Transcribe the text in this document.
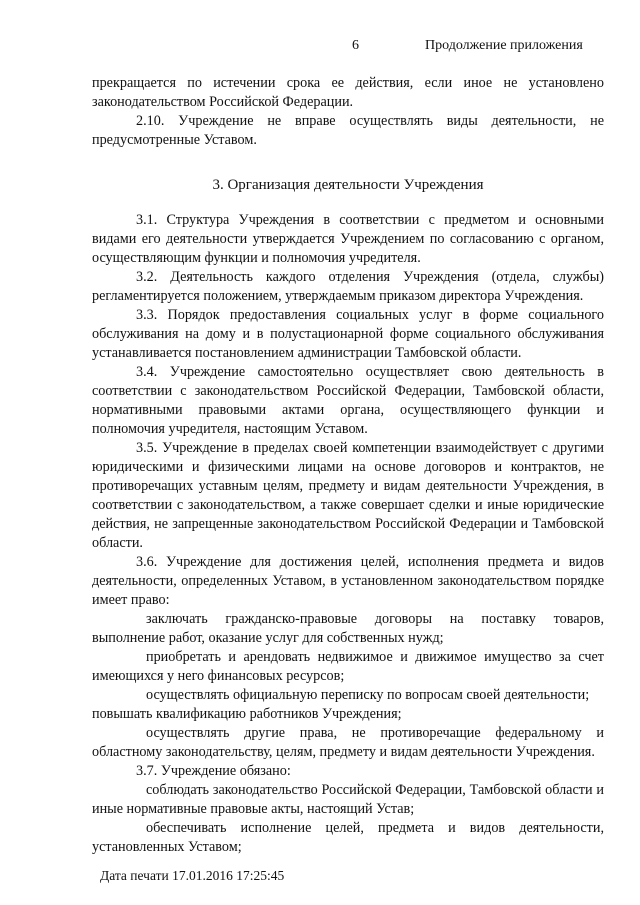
6	Продолжение приложения

прекращается по истечении срока ее действия, если иное не установлено законодательством Российской Федерации.

2.10. Учреждение не вправе осуществлять виды деятельности, не предусмотренные Уставом.

3. Организация деятельности Учреждения

3.1. Структура Учреждения в соответствии с предметом и основными видами его деятельности утверждается Учреждением по согласованию с органом, осуществляющим функции и полномочия учредителя.

3.2. Деятельность каждого отделения Учреждения (отдела, службы) регламентируется положением, утверждаемым приказом директора Учреждения.

3.3. Порядок предоставления социальных услуг в форме социального обслуживания на дому и в полустационарной форме социального обслуживания устанавливается постановлением администрации Тамбовской области.

3.4. Учреждение самостоятельно осуществляет свою деятельность в соответствии с законодательством Российской Федерации, Тамбовской области, нормативными правовыми актами органа, осуществляющего функции и полномочия учредителя, настоящим Уставом.

3.5. Учреждение в пределах своей компетенции взаимодействует с другими юридическими и физическими лицами на основе договоров и контрактов, не противоречащих уставным целям, предмету и видам деятельности Учреждения, в соответствии с законодательством, а также совершает сделки и иные юридические действия, не запрещенные законодательством Российской Федерации и Тамбовской области.

3.6. Учреждение для достижения целей, исполнения предмета и видов деятельности, определенных Уставом, в установленном законодательством порядке имеет право:

заключать гражданско-правовые договоры на поставку товаров, выполнение работ, оказание услуг для собственных нужд;

приобретать и арендовать недвижимое и движимое имущество за счет имеющихся у него финансовых ресурсов;

осуществлять официальную переписку по вопросам своей деятельности;

повышать квалификацию работников Учреждения;

осуществлять другие права, не противоречащие федеральному и областному законодательству, целям, предмету и видам деятельности Учреждения.

3.7. Учреждение обязано:

соблюдать законодательство Российской Федерации, Тамбовской области и иные нормативные правовые акты, настоящий Устав;

обеспечивать исполнение целей, предмета и видов деятельности, установленных Уставом;

Дата печати 17.01.2016 17:25:45
